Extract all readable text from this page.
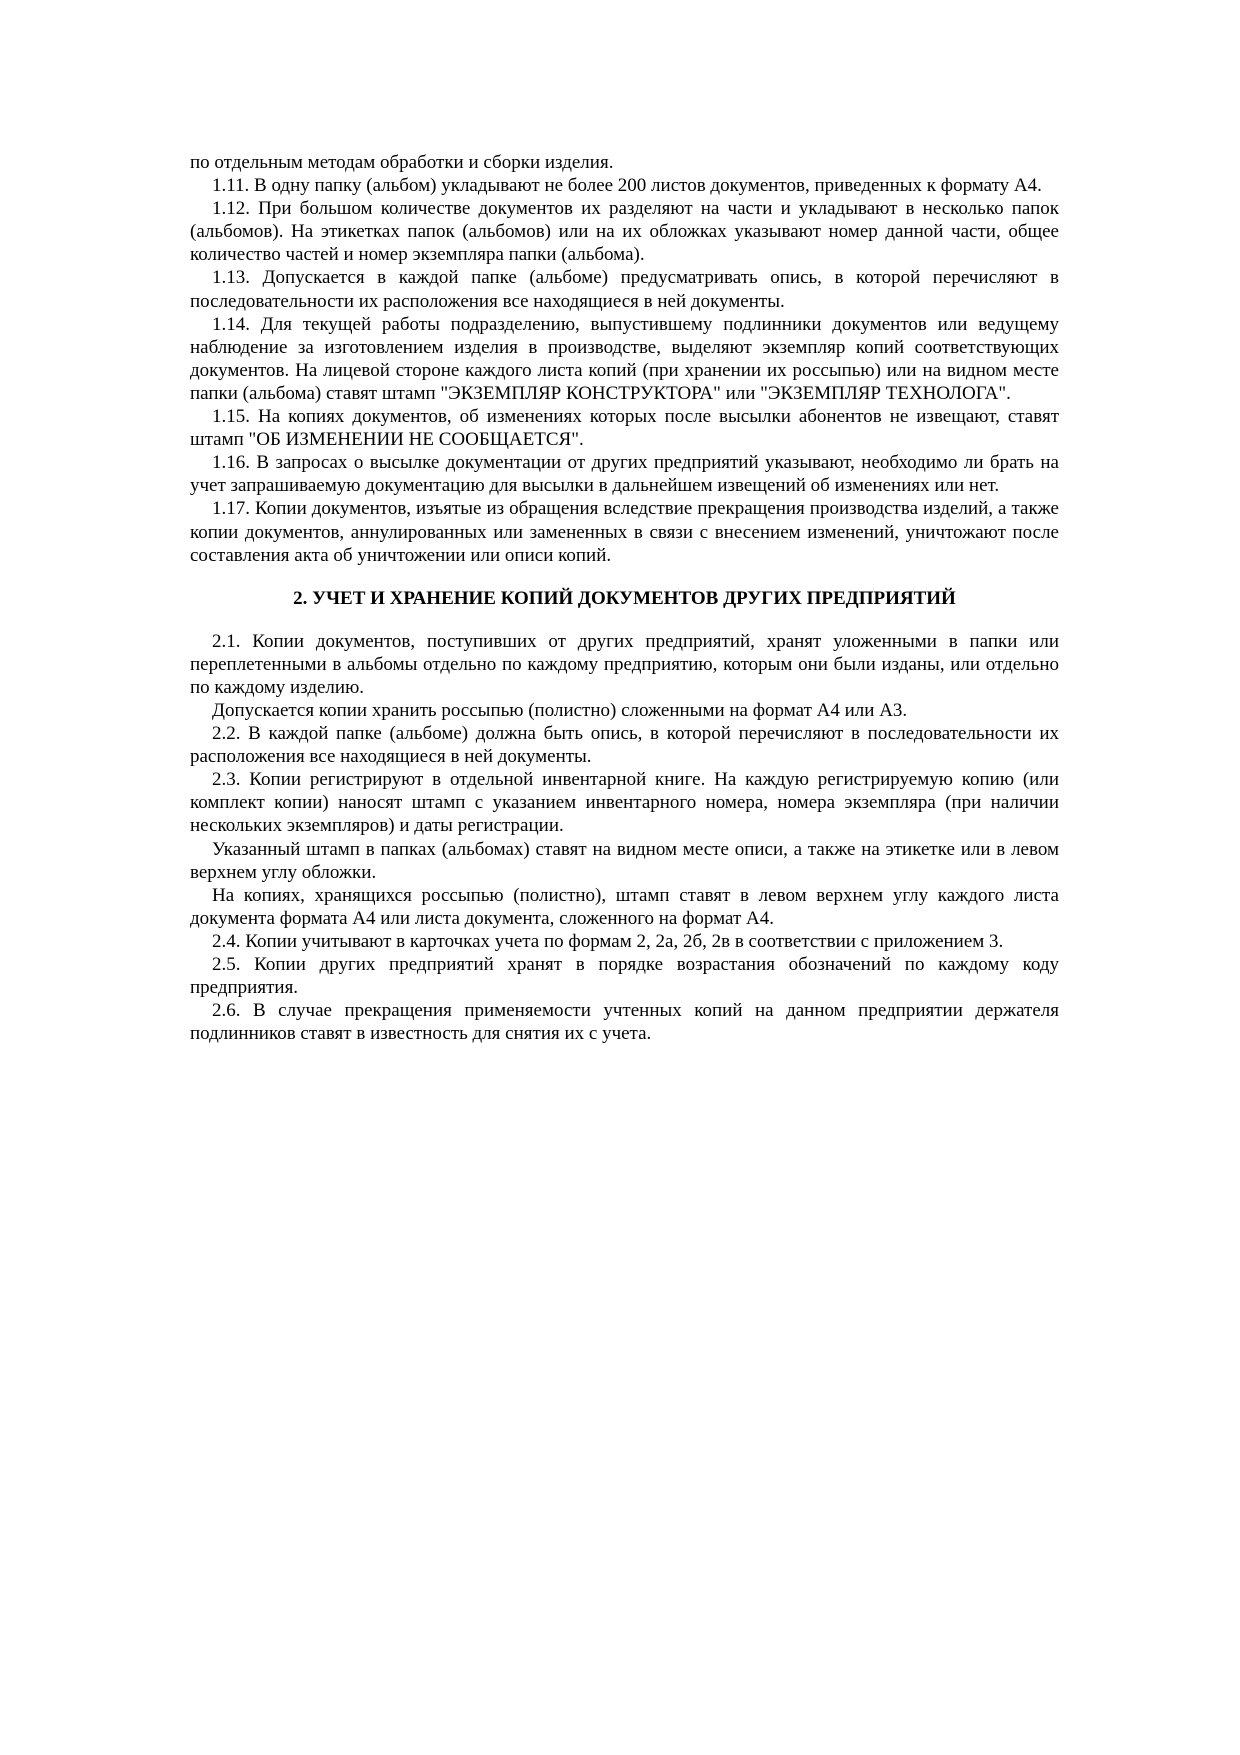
по отдельным методам обработки и сборки изделия.

1.11. В одну папку (альбом) укладывают не более 200 листов документов, приведенных к формату А4.

1.12. При большом количестве документов их разделяют на части и укладывают в несколько папок (альбомов). На этикетках папок (альбомов) или на их обложках указывают номер данной части, общее количество частей и номер экземпляра папки (альбома).

1.13. Допускается в каждой папке (альбоме) предусматривать опись, в которой перечисляют в последовательности их расположения все находящиеся в ней документы.

1.14. Для текущей работы подразделению, выпустившему подлинники документов или ведущему наблюдение за изготовлением изделия в производстве, выделяют экземпляр копий соответствующих документов. На лицевой стороне каждого листа копий (при хранении их россыпью) или на видном месте папки (альбома) ставят штамп "ЭКЗЕМПЛЯР КОНСТРУКТОРА" или "ЭКЗЕМПЛЯР ТЕХНОЛОГА".

1.15. На копиях документов, об изменениях которых после высылки абонентов не извещают, ставят штамп "ОБ ИЗМЕНЕНИИ НЕ СООБЩАЕТСЯ".

1.16. В запросах о высылке документации от других предприятий указывают, необходимо ли брать на учет запрашиваемую документацию для высылки в дальнейшем извещений об изменениях или нет.

1.17. Копии документов, изъятые из обращения вследствие прекращения производства изделий, а также копии документов, аннулированных или замененных в связи с внесением изменений, уничтожают после составления акта об уничтожении или описи копий.

2. УЧЕТ И ХРАНЕНИЕ КОПИЙ ДОКУМЕНТОВ ДРУГИХ ПРЕДПРИЯТИЙ

2.1. Копии документов, поступивших от других предприятий, хранят уложенными в папки или переплетенными в альбомы отдельно по каждому предприятию, которым они были изданы, или отдельно по каждому изделию.

Допускается копии хранить россыпью (полистно) сложенными на формат А4 или А3.

2.2. В каждой папке (альбоме) должна быть опись, в которой перечисляют в последовательности их расположения все находящиеся в ней документы.

2.3. Копии регистрируют в отдельной инвентарной книге. На каждую регистрируемую копию (или комплект копии) наносят штамп с указанием инвентарного номера, номера экземпляра (при наличии нескольких экземпляров) и даты регистрации.

Указанный штамп в папках (альбомах) ставят на видном месте описи, а также на этикетке или в левом верхнем углу обложки.

На копиях, хранящихся россыпью (полистно), штамп ставят в левом верхнем углу каждого листа документа формата А4 или листа документа, сложенного на формат А4.

2.4. Копии учитывают в карточках учета по формам 2, 2а, 2б, 2в в соответствии с приложением 3.

2.5. Копии других предприятий хранят в порядке возрастания обозначений по каждому коду предприятия.

2.6. В случае прекращения применяемости учтенных копий на данном предприятии держателя подлинников ставят в известность для снятия их с учета.
